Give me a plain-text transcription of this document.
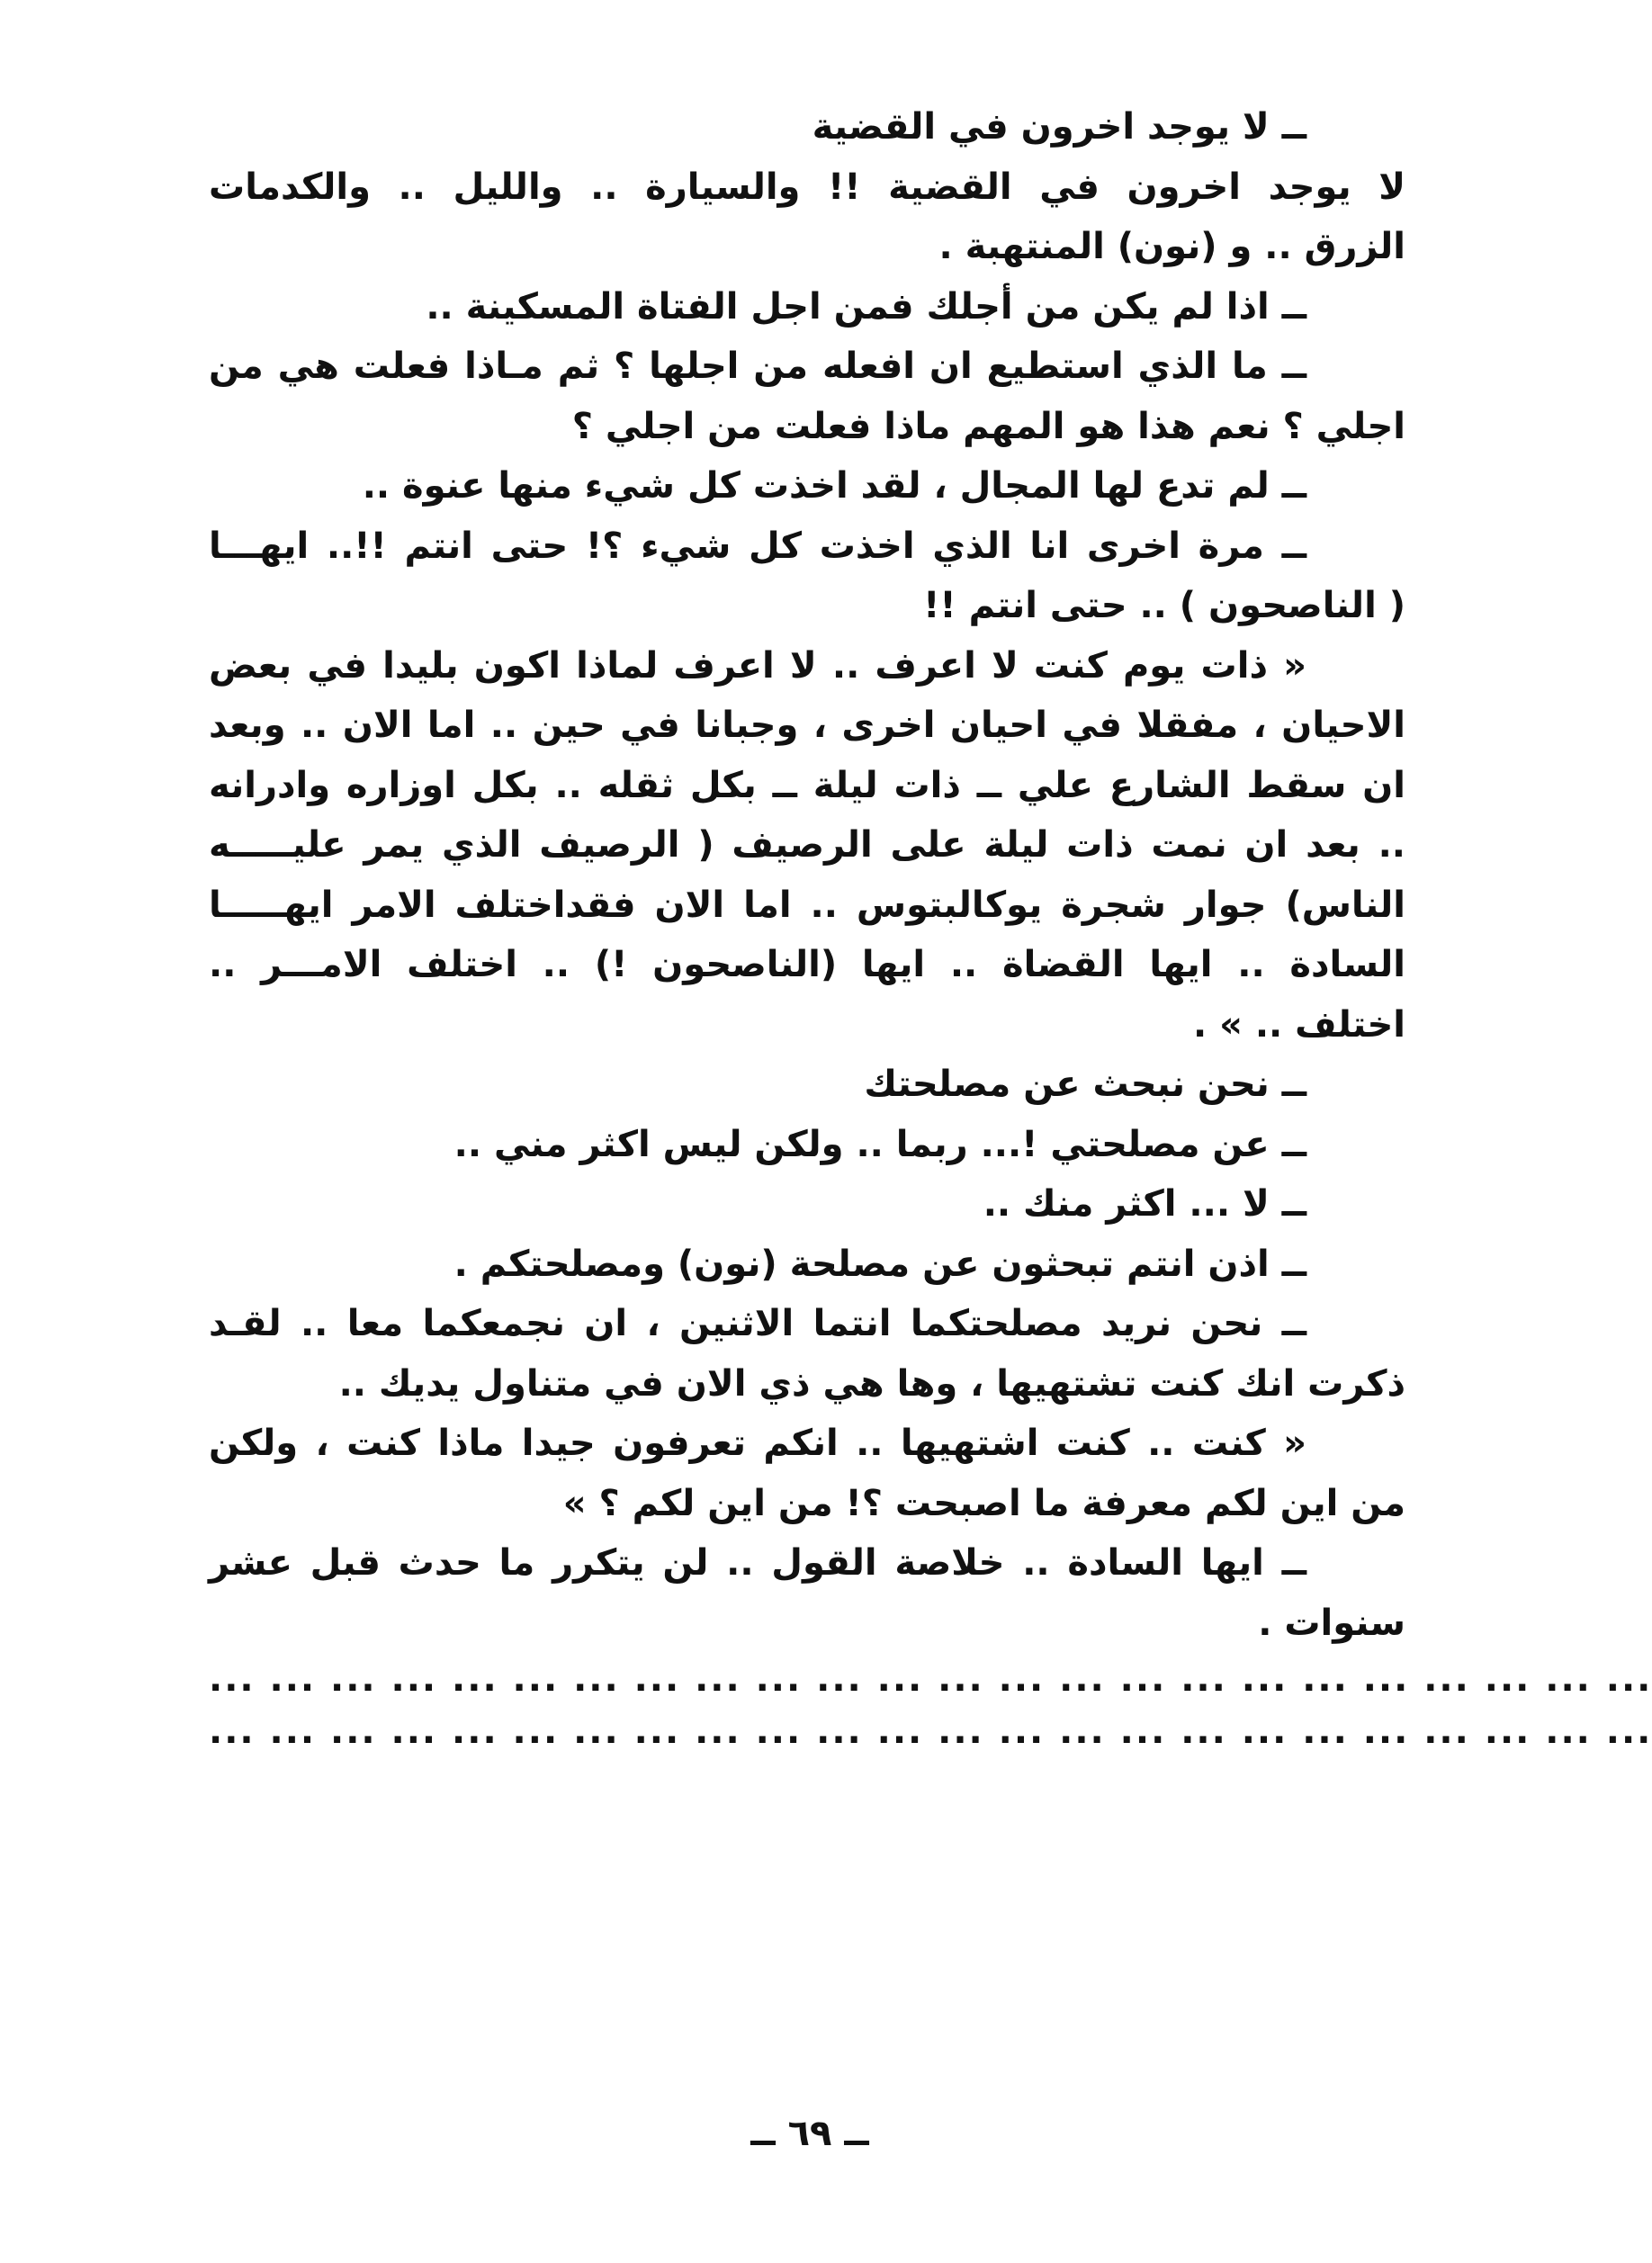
ــ لا يوجد اخرون في القضية
لا يوجد اخرون في القضية !! والسيارة .. والليل .. والكدمات
الزرق .. و (نون) المنتهبة .
ــ اذا لم يكن من أجلك فمن اجل الفتاة المسكينة ..
ــ ما الذي استطيع ان افعله من اجلها ؟ ثم مـاذا فعلت هي من
اجلي ؟ نعم هذا هو المهم ماذا فعلت من اجلي ؟
ــ لم تدع لها المجال ، لقد اخذت كل شيء منها عنوة ..
ــ مرة اخرى انا الذي اخذت كل شيء ؟! حتى انتم !!.. ايهـــا
( الناصحون ) .. حتى انتم !!
« ذات يوم كنت لا اعرف .. لا اعرف لماذا اكون بليدا في بعض
الاحيان ، مفقلا في احيان اخرى ، وجبانا في حين .. اما الان .. وبعد
ان سقط الشارع علي ــ ذات ليلة ــ بكل ثقله .. بكل اوزاره وادرانه
.. بعد ان نمت ذات ليلة على الرصيف ( الرصيف الذي يمر عليـــــه
الناس) جوار شجرة يوكالبتوس .. اما الان فقداختلف الامر ايهـــــا
السادة .. ايها القضاة .. ايها (الناصحون !) .. اختلف الامـــر ..
اختلف .. » .
ــ نحن نبحث عن مصلحتك
ــ عن مصلحتي !... ربما .. ولكن ليس اكثر مني ..
ــ لا ... اكثر منك ..
ــ اذن انتم تبحثون عن مصلحة (نون) ومصلحتكم .
ــ نحن نريد مصلحتكما انتما الاثنين ، ان نجمعكما معا .. لقـد
ذكرت انك كنت تشتهيها ، وها هي ذي الان في متناول يديك ..
« كنت .. كنت اشتهيها .. انكم تعرفون جيدا ماذا كنت ، ولكن
من اين لكم معرفة ما اصبحت ؟! من اين لكم ؟ »
ــ ايها السادة .. خلاصة القول .. لن يتكرر ما حدث قبل عشر
سنوات .
... ... ... ... ... ... ... ... ... ... ... ... ... ... ... ... ... ... ... ... ... ... ... ...
... ... ... ... ... ... ... ... ... ... ... ... ... ... ... ... ... ... ... ... ... ... ... ...
ــ ٦٩ ــ
